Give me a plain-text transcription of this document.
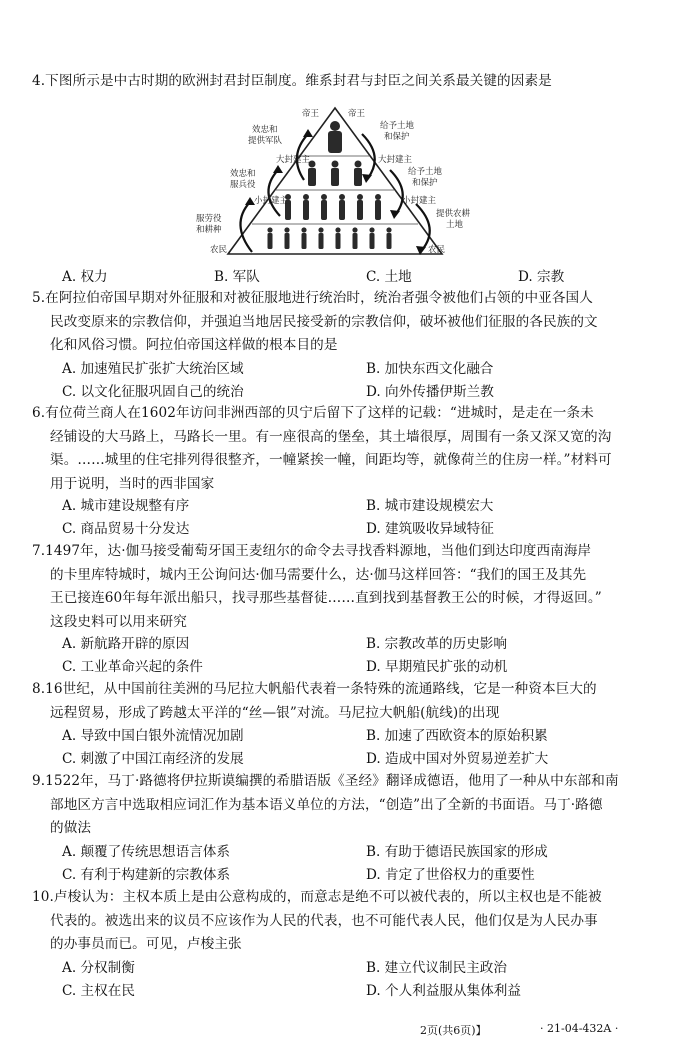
4.下图所示是中古时期的欧洲封君封臣制度。维系封君与封臣之间关系最关键的因素是
帝王
效忠和
提供军队
大封建主
效忠和
服兵役
小封建主
服劳役
和耕种
农民
帝王
给予土地
和保护
大封建主
给予土地
和保护
小封建主
提供农耕
土地
农民
A. 权力	B. 军队	C. 土地	D. 宗教
5.在阿拉伯帝国早期对外征服和对被征服地进行统治时，统治者强令被他们占领的中亚各国人
民改变原来的宗教信仰，并强迫当地居民接受新的宗教信仰，破坏被他们征服的各民族的文
化和风俗习惯。阿拉伯帝国这样做的根本目的是
A. 加速殖民扩张扩大统治区域	B. 加快东西文化融合
C. 以文化征服巩固自己的统治	D. 向外传播伊斯兰教
6.有位荷兰商人在1602年访问非洲西部的贝宁后留下了这样的记载：“进城时，是走在一条未
经铺设的大马路上，马路长一里。有一座很高的堡垒，其土墙很厚，周围有一条又深又宽的沟
渠。……城里的住宅排列得很整齐，一幢紧挨一幢，间距均等，就像荷兰的住房一样。”材料可
用于说明，当时的西非国家
A. 城市建设规整有序	B. 城市建设规模宏大
C. 商品贸易十分发达	D. 建筑吸收异域特征
7.1497年，达·伽马接受葡萄牙国王麦纽尔的命令去寻找香料源地，当他们到达印度西南海岸
的卡里库特城时，城内王公询问达·伽马需要什么，达·伽马这样回答：“我们的国王及其先
王已接连60年每年派出船只，找寻那些基督徒……直到找到基督教王公的时候，才得返回。”
这段史料可以用来研究
A. 新航路开辟的原因	B. 宗教改革的历史影响
C. 工业革命兴起的条件	D. 早期殖民扩张的动机
8.16世纪，从中国前往美洲的马尼拉大帆船代表着一条特殊的流通路线，它是一种资本巨大的
远程贸易，形成了跨越太平洋的“丝—银”对流。马尼拉大帆船(航线)的出现
A. 导致中国白银外流情况加剧	B. 加速了西欧资本的原始积累
C. 刺激了中国江南经济的发展	D. 造成中国对外贸易逆差扩大
9.1522年，马丁·路德将伊拉斯谟编撰的希腊语版《圣经》翻译成德语，他用了一种从中东部和南
部地区方言中选取相应词汇作为基本语义单位的方法，“创造”出了全新的书面语。马丁·路德
的做法
A. 颠覆了传统思想语言体系	B. 有助于德语民族国家的形成
C. 有利于构建新的宗教体系	D. 肯定了世俗权力的重要性
10.卢梭认为：主权本质上是由公意构成的，而意志是绝不可以被代表的，所以主权也是不能被
代表的。被选出来的议员不应该作为人民的代表，也不可能代表人民，他们仅是为人民办事
的办事员而已。可见，卢梭主张
A. 分权制衡	B. 建立代议制民主政治
C. 主权在民	D. 个人利益服从集体利益
2页(共6页)】	· 21-04-432A ·
